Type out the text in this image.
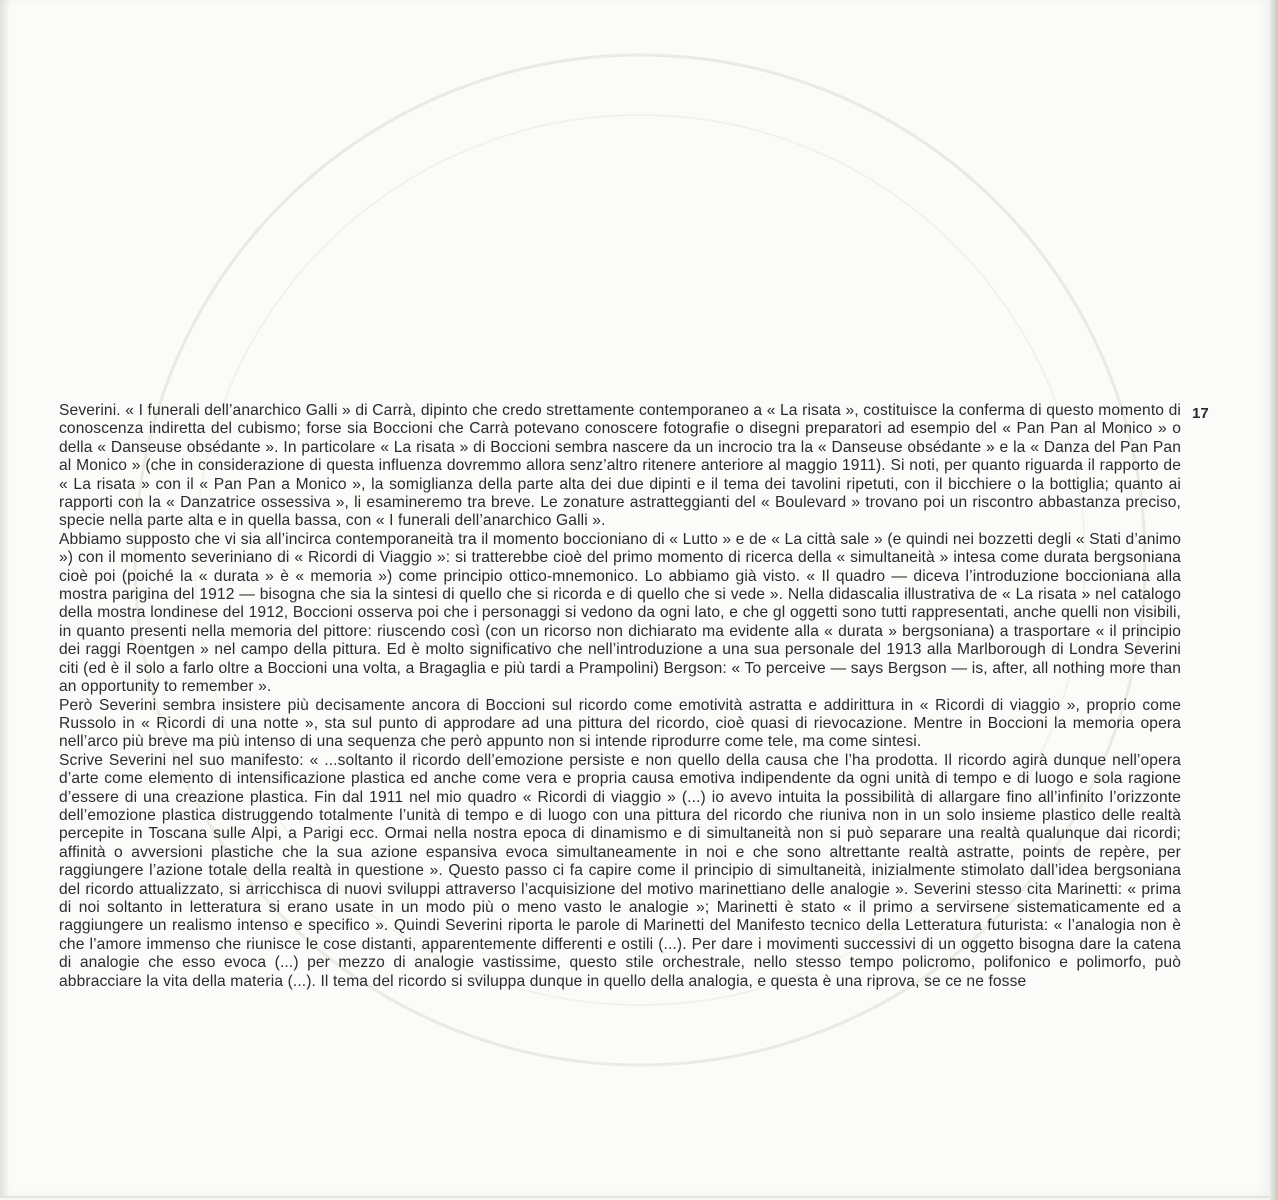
17

Severini. « I funerali dell’anarchico Galli » di Carrà, dipinto che credo strettamente contemporaneo a « La risata », costituisce la conferma di questo momento di conoscenza indiretta del cubismo; forse sia Boccioni che Carrà potevano conoscere fotografie o disegni preparatori ad esempio del « Pan Pan al Monico » o della « Danseuse obsédante ». In particolare « La risata » di Boccioni sembra nascere da un incrocio tra la « Danseuse obsédante » e la « Danza del Pan Pan al Monico » (che in considerazione di questa influenza dovremmo allora senz’altro ritenere anteriore al maggio 1911). Si noti, per quanto riguarda il rapporto de « La risata » con il « Pan Pan a Monico », la somiglianza della parte alta dei due dipinti e il tema dei tavolini ripetuti, con il bicchiere o la bottiglia; quanto ai rapporti con la « Danzatrice ossessiva », li esamineremo tra breve. Le zonature astratteggianti del « Boulevard » trovano poi un riscontro abbastanza preciso, specie nella parte alta e in quella bassa, con « I funerali dell’anarchico Galli ».

Abbiamo supposto che vi sia all’incirca contemporaneità tra il momento boccioniano di « Lutto » e de « La città sale » (e quindi nei bozzetti degli « Stati d’animo ») con il momento severiniano di « Ricordi di Viaggio »: si tratterebbe cioè del primo momento di ricerca della « simultaneità » intesa come durata bergsoniana cioè poi (poiché la « durata » è « memoria ») come principio ottico-mnemonico. Lo abbiamo già visto. « Il quadro — diceva l’introduzione boccioniana alla mostra parigina del 1912 — bisogna che sia la sintesi di quello che si ricorda e di quello che si vede ». Nella didascalia illustrativa de « La risata » nel catalogo della mostra londinese del 1912, Boccioni osserva poi che i personaggi si vedono da ogni lato, e che gl oggetti sono tutti rappresentati, anche quelli non visibili, in quanto presenti nella memoria del pittore: riuscendo così (con un ricorso non dichiarato ma evidente alla « durata » bergsoniana) a trasportare « il principio dei raggi Roentgen » nel campo della pittura. Ed è molto significativo che nell’introduzione a una sua personale del 1913 alla Marlborough di Londra Severini citi (ed è il solo a farlo oltre a Boccioni una volta, a Bragaglia e più tardi a Prampolini) Bergson: « To perceive — says Bergson — is, after, all nothing more than an opportunity to remember ».

Però Severini sembra insistere più decisamente ancora di Boccioni sul ricordo come emotività astratta e addirittura in « Ricordi di viaggio », proprio come Russolo in « Ricordi di una notte », sta sul punto di approdare ad una pittura del ricordo, cioè quasi di rievocazione. Mentre in Boccioni la memoria opera nell’arco più breve ma più intenso di una sequenza che però appunto non si intende riprodurre come tele, ma come sintesi.

Scrive Severini nel suo manifesto: « ...soltanto il ricordo dell’emozione persiste e non quello della causa che l’ha prodotta. Il ricordo agirà dunque nell’opera d’arte come elemento di intensificazione plastica ed anche come vera e propria causa emotiva indipendente da ogni unità di tempo e di luogo e sola ragione d’essere di una creazione plastica. Fin dal 1911 nel mio quadro « Ricordi di viaggio » (...) io avevo intuita la possibilità di allargare fino all’infinito l’orizzonte dell’emozione plastica distruggendo totalmente l’unità di tempo e di luogo con una pittura del ricordo che riuniva non in un solo insieme plastico delle realtà percepite in Toscana sulle Alpi, a Parigi ecc. Ormai nella nostra epoca di dinamismo e di simultaneità non si può separare una realtà qualunque dai ricordi; affinità o avversioni plastiche che la sua azione espansiva evoca simultaneamente in noi e che sono altrettante realtà astratte, points de repère, per raggiungere l’azione totale della realtà in questione ». Questo passo ci fa capire come il principio di simultaneità, inizialmente stimolato dall’idea bergsoniana del ricordo attualizzato, si arricchisca di nuovi sviluppi attraverso l’acquisizione del motivo marinettiano delle analogie ». Severini stesso cita Marinetti: « prima di noi soltanto in letteratura si erano usate in un modo più o meno vasto le analogie »; Marinetti è stato « il primo a servirsene sistematicamente ed a raggiungere un realismo intenso e specifico ». Quindi Severini riporta le parole di Marinetti del Manifesto tecnico della Letteratura futurista: « l’analogia non è che l’amore immenso che riunisce le cose distanti, apparentemente differenti e ostili (...). Per dare i movimenti successivi di un oggetto bisogna dare la catena di analogie che esso evoca (...) per mezzo di analogie vastissime, questo stile orchestrale, nello stesso tempo policromo, polifonico e polimorfo, può abbracciare la vita della materia (...). Il tema del ricordo si sviluppa dunque in quello della analogia, e questa è una riprova, se ce ne fosse
